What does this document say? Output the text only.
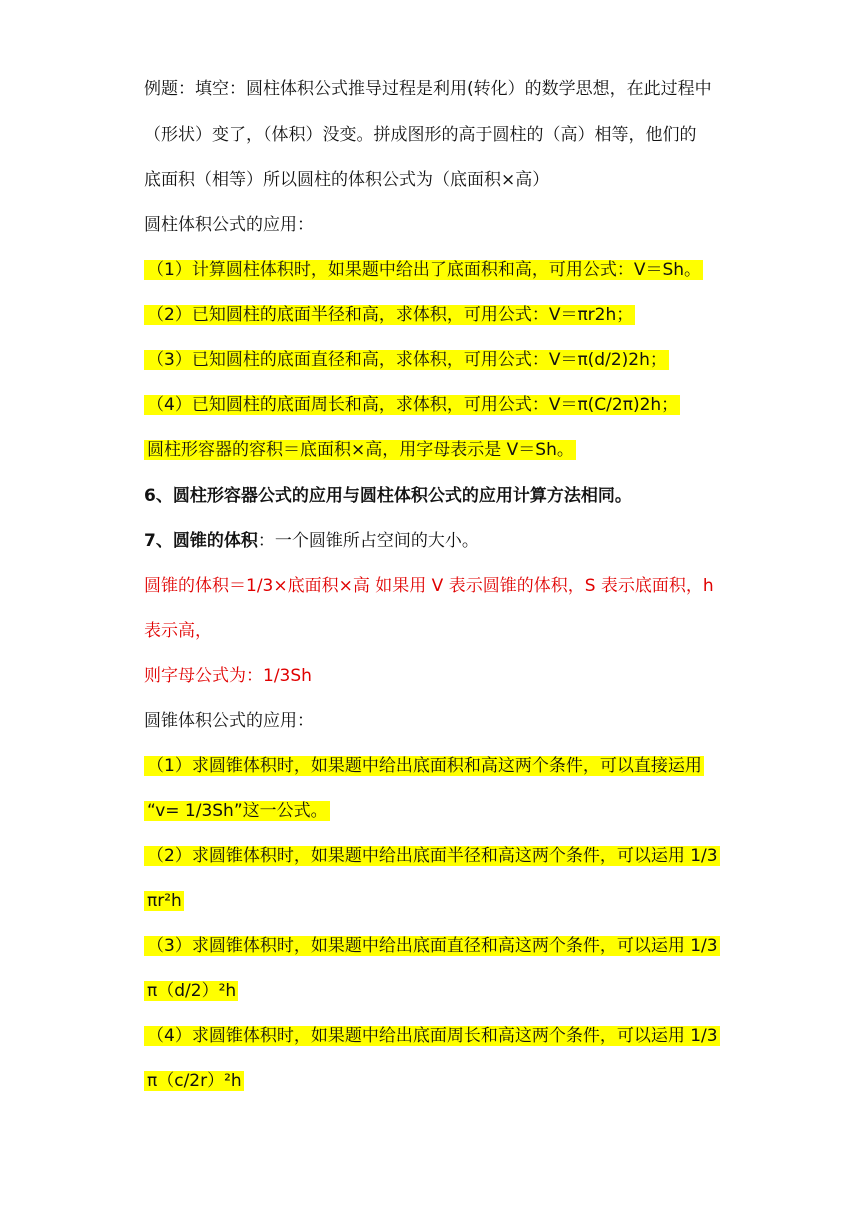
例题：填空：圆柱体积公式推导过程是利用(转化）的数学思想，在此过程中
（形状）变了，（体积）没变。拼成图形的高于圆柱的（高）相等，他们的
底面积（相等）所以圆柱的体积公式为（底面积×高）
圆柱体积公式的应用：
（1）计算圆柱体积时，如果题中给出了底面积和高，可用公式：V＝Sh。
（2）已知圆柱的底面半径和高，求体积，可用公式：V＝πr2h；
（3）已知圆柱的底面直径和高，求体积，可用公式：V＝π(d/2)2h；
（4）已知圆柱的底面周长和高，求体积，可用公式：V＝π(C/2π)2h；
圆柱形容器的容积＝底面积×高，用字母表示是 V＝Sh。
6、圆柱形容器公式的应用与圆柱体积公式的应用计算方法相同。
7、圆锥的体积：一个圆锥所占空间的大小。
圆锥的体积＝1/3×底面积×高 如果用 V 表示圆锥的体积，S 表示底面积，h
表示高，
则字母公式为：1/3Sh
圆锥体积公式的应用：
（1）求圆锥体积时，如果题中给出底面积和高这两个条件，可以直接运用
“v= 1/3Sh”这一公式。
（2）求圆锥体积时，如果题中给出底面半径和高这两个条件，可以运用 1/3
πr²h
（3）求圆锥体积时，如果题中给出底面直径和高这两个条件，可以运用 1/3
π（d/2）²h
（4）求圆锥体积时，如果题中给出底面周长和高这两个条件，可以运用 1/3
π（c/2r）²h
